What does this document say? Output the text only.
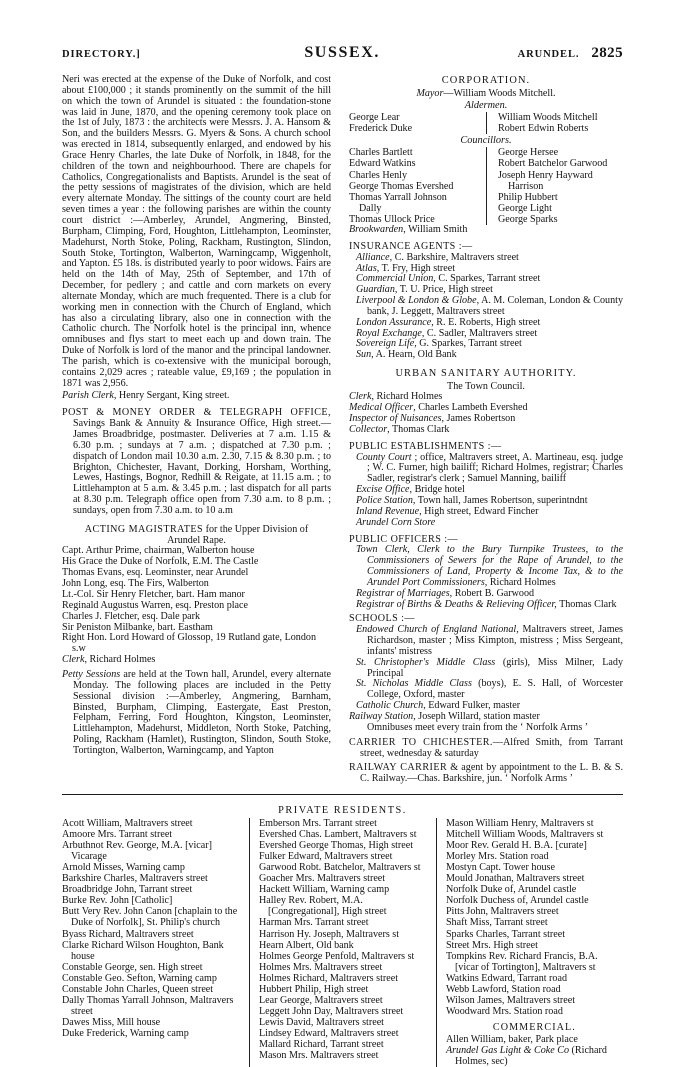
DIRECTORY.]	SUSSEX.	ARUNDEL. 2825

Neri was erected at the expense of the Duke of Norfolk, and cost about £100,000 ; it stands prominently on the summit of the hill on which the town of Arundel is situated : the foundation-stone was laid in June, 1870, and the opening ceremony took place on the 1st of July, 1873 : the architects were Messrs. J. A. Hansom & Son, and the builders Messrs. G. Myers & Sons. A church school was erected in 1814, subsequently enlarged, and endowed by his Grace Henry Charles, the late Duke of Norfolk, in 1848, for the children of the town and neighbourhood. There are chapels for Catholics, Congregationalists and Baptists. Arundel is the seat of the petty sessions of magistrates of the division, which are held every alternate Monday. The sittings of the county court are held seven times a year : the following parishes are within the county court district :—Amberley, Arundel, Angmering, Binsted, Burpham, Climping, Ford, Houghton, Littlehampton, Leominster, Madehurst, North Stoke, Poling, Rackham, Rustington, Slindon, South Stoke, Tortington, Walberton, Warningcamp, Wiggenholt, and Yapton. £5 18s. is distributed yearly to poor widows. Fairs are held on the 14th of May, 25th of September, and 17th of December, for pedlery ; and cattle and corn markets on every alternate Monday, which are much frequented. There is a club for working men in connection with the Church of England, which has also a circulating library, also one in connection with the Catholic church. The Norfolk hotel is the principal inn, whence omnibuses and flys start to meet each up and down train. The Duke of Norfolk is lord of the manor and the principal landowner. The parish, which is co-extensive with the municipal borough, contains 2,029 acres ; rateable value, £9,169 ; the population in 1871 was 2,956.

Parish Clerk, Henry Sergant, King street.

POST & MONEY ORDER & TELEGRAPH OFFICE, Savings Bank & Annuity & Insurance Office, High street.—James Broadbridge, postmaster. Deliveries at 7 a.m. 1.15 & 6.30 p.m. ; sundays at 7 a.m. ; dispatched at 7.30 p.m. ; dispatch of London mail 10.30 a.m. 2.30, 7.15 & 8.30 p.m. ; to Brighton, Chichester, Havant, Dorking, Horsham, Worthing, Lewes, Hastings, Bognor, Redhill & Reigate, at 11.15 a.m. ; to Littlehampton at 5 a.m. & 3.45 p.m. ; last dispatch for all parts at 8.30 p.m. Telegraph office open from 7.30 a.m. to 8 p.m. ; sundays, open from 7.30 a.m. to 10 a.m

ACTING MAGISTRATES for the Upper Division of

Arundel Rape.

Capt. Arthur Prime, chairman, Walberton house

His Grace the Duke of Norfolk, E.M. The Castle

Thomas Evans, esq. Leominster, near Arundel

John Long, esq. The Firs, Walberton

Lt.-Col. Sir Henry Fletcher, bart. Ham manor

Reginald Augustus Warren, esq. Preston place

Charles J. Fletcher, esq. Dale park

Sir Peniston Milbanke, bart. Eastham

Right Hon. Lord Howard of Glossop, 19 Rutland gate, London s.w

Clerk, Richard Holmes

Petty Sessions are held at the Town hall, Arundel, every alternate Monday. The following places are included in the Petty Sessional division :—Amberley, Angmering, Barnham, Binsted, Burpham, Climping, Eastergate, East Preston, Felpham, Ferring, Ford Houghton, Kingston, Leominster, Littlehampton, Madehurst, Middleton, North Stoke, Patching, Poling, Rackham (Hamlet), Rustington, Slindon, South Stoke, Tortington, Walberton, Warningcamp, and Yapton

CORPORATION.

Mayor—William Woods Mitchell.

Aldermen.

George Lear
Frederick Duke
William Woods Mitchell
Robert Edwin Roberts

Councillors.

Charles Bartlett
Edward Watkins
Charles Henly
George Thomas Evershed
Thomas Yarrall Johnson
Dally
Thomas Ullock Price
George Hersee
Robert Batchelor Garwood
Joseph Henry Hayward
Harrison
Philip Hubbert
George Light
George Sparks

Brookwarden, William Smith

INSURANCE AGENTS :—

Alliance, C. Barkshire, Maltravers street

Atlas, T. Fry, High street

Commercial Union, C. Sparkes, Tarrant street

Guardian, T. U. Price, High street

Liverpool & London & Globe, A. M. Coleman, London & County bank, J. Leggett, Maltravers street

London Assurance, R. E. Roberts, High street

Royal Exchange, C. Sadler, Maltravers street

Sovereign Life, G. Sparkes, Tarrant street

Sun, A. Hearn, Old Bank

URBAN SANITARY AUTHORITY.

The Town Council.

Clerk, Richard Holmes

Medical Officer, Charles Lambeth Evershed

Inspector of Nuisances, James Robertson

Collector, Thomas Clark

PUBLIC ESTABLISHMENTS :—

County Court ; office, Maltravers street, A. Martineau, esq. judge ; W. C. Furner, high bailiff; Richard Holmes, registrar; Charles Sadler, registrar's clerk ; Samuel Manning, bailiff

Excise Office, Bridge hotel

Police Station, Town hall, James Robertson, superintndnt

Inland Revenue, High street, Edward Fincher

Arundel Corn Store

PUBLIC OFFICERS :—

Town Clerk, Clerk to the Bury Turnpike Trustees, to the Commissioners of Sewers for the Rape of Arundel, to the Commissioners of Land, Property & Income Tax, & to the Arundel Port Commissioners, Richard Holmes

Registrar of Marriages, Robert B. Garwood

Registrar of Births & Deaths & Relieving Officer, Thomas Clark

SCHOOLS :—

Endowed Church of England National, Maltravers street, James Richardson, master ; Miss Kimpton, mistress ; Miss Sergeant, infants' mistress

St. Christopher's Middle Class (girls), Miss Milner, Lady Principal

St. Nicholas Middle Class (boys), E. S. Hall, of Worcester College, Oxford, master

Catholic Church, Edward Fulker, master

Railway Station, Joseph Willard, station master

Omnibuses meet every train from the ‘ Norfolk Arms ’

CARRIER TO CHICHESTER.—Alfred Smith, from Tarrant street, wednesday & saturday

RAILWAY CARRIER & agent by appointment to the L. B. & S. C. Railway.—Chas. Barkshire, jun. ‘ Norfolk Arms ’

PRIVATE RESIDENTS.

Acott William, Maltravers street

Amoore Mrs. Tarrant street

Arbuthnot Rev. George, M.A. [vicar] Vicarage

Arnold Misses, Warning camp

Barkshire Charles, Maltravers street

Broadbridge John, Tarrant street

Burke Rev. John [Catholic]

Butt Very Rev. John Canon [chaplain to the Duke of Norfolk], St. Philip's church

Byass Richard, Maltravers street

Clarke Richard Wilson Houghton, Bank house

Constable George, sen. High street

Constable Geo. Sefton, Warning camp

Constable John Charles, Queen street

Dally Thomas Yarrall Johnson, Maltravers street

Dawes Miss, Mill house

Duke Frederick, Warning camp

Emberson Mrs. Tarrant street

Evershed Chas. Lambert, Maltravers st

Evershed George Thomas, High street

Fulker Edward, Maltravers street

Garwood Robt. Batchelor, Maltravers st

Goacher Mrs. Maltravers street

Hackett William, Warning camp

Halley Rev. Robert, M.A. [Congregational], High street

Harman Mrs. Tarrant street

Harrison Hy. Joseph, Maltravers st

Hearn Albert, Old bank

Holmes George Penfold, Maltravers st

Holmes Mrs. Maltravers street

Holmes Richard, Maltravers street

Hubbert Philip, High street

Lear George, Maltravers street

Leggett John Day, Maltravers street

Lewis David, Maltravers street

Lindsey Edward, Maltravers street

Mallard Richard, Tarrant street

Mason Mrs. Maltravers street

Mason William Henry, Maltravers st

Mitchell William Woods, Maltravers st

Moor Rev. Gerald H. B.A. [curate]

Morley Mrs. Station road

Mostyn Capt. Tower house

Mould Jonathan, Maltravers street

Norfolk Duke of, Arundel castle

Norfolk Duchess of, Arundel castle

Pitts John, Maltravers street

Shaft Miss, Tarrant street

Sparks Charles, Tarrant street

Street Mrs. High street

Tompkins Rev. Richard Francis, B.A. [vicar of Tortington], Maltravers st

Watkins Edward, Tarrant road

Webb Lawford, Station road

Wilson James, Maltravers street

Woodward Mrs. Station road

COMMERCIAL.

Allen William, baker, Park place

Arundel Gas Light & Coke Co (Richard Holmes, sec)
